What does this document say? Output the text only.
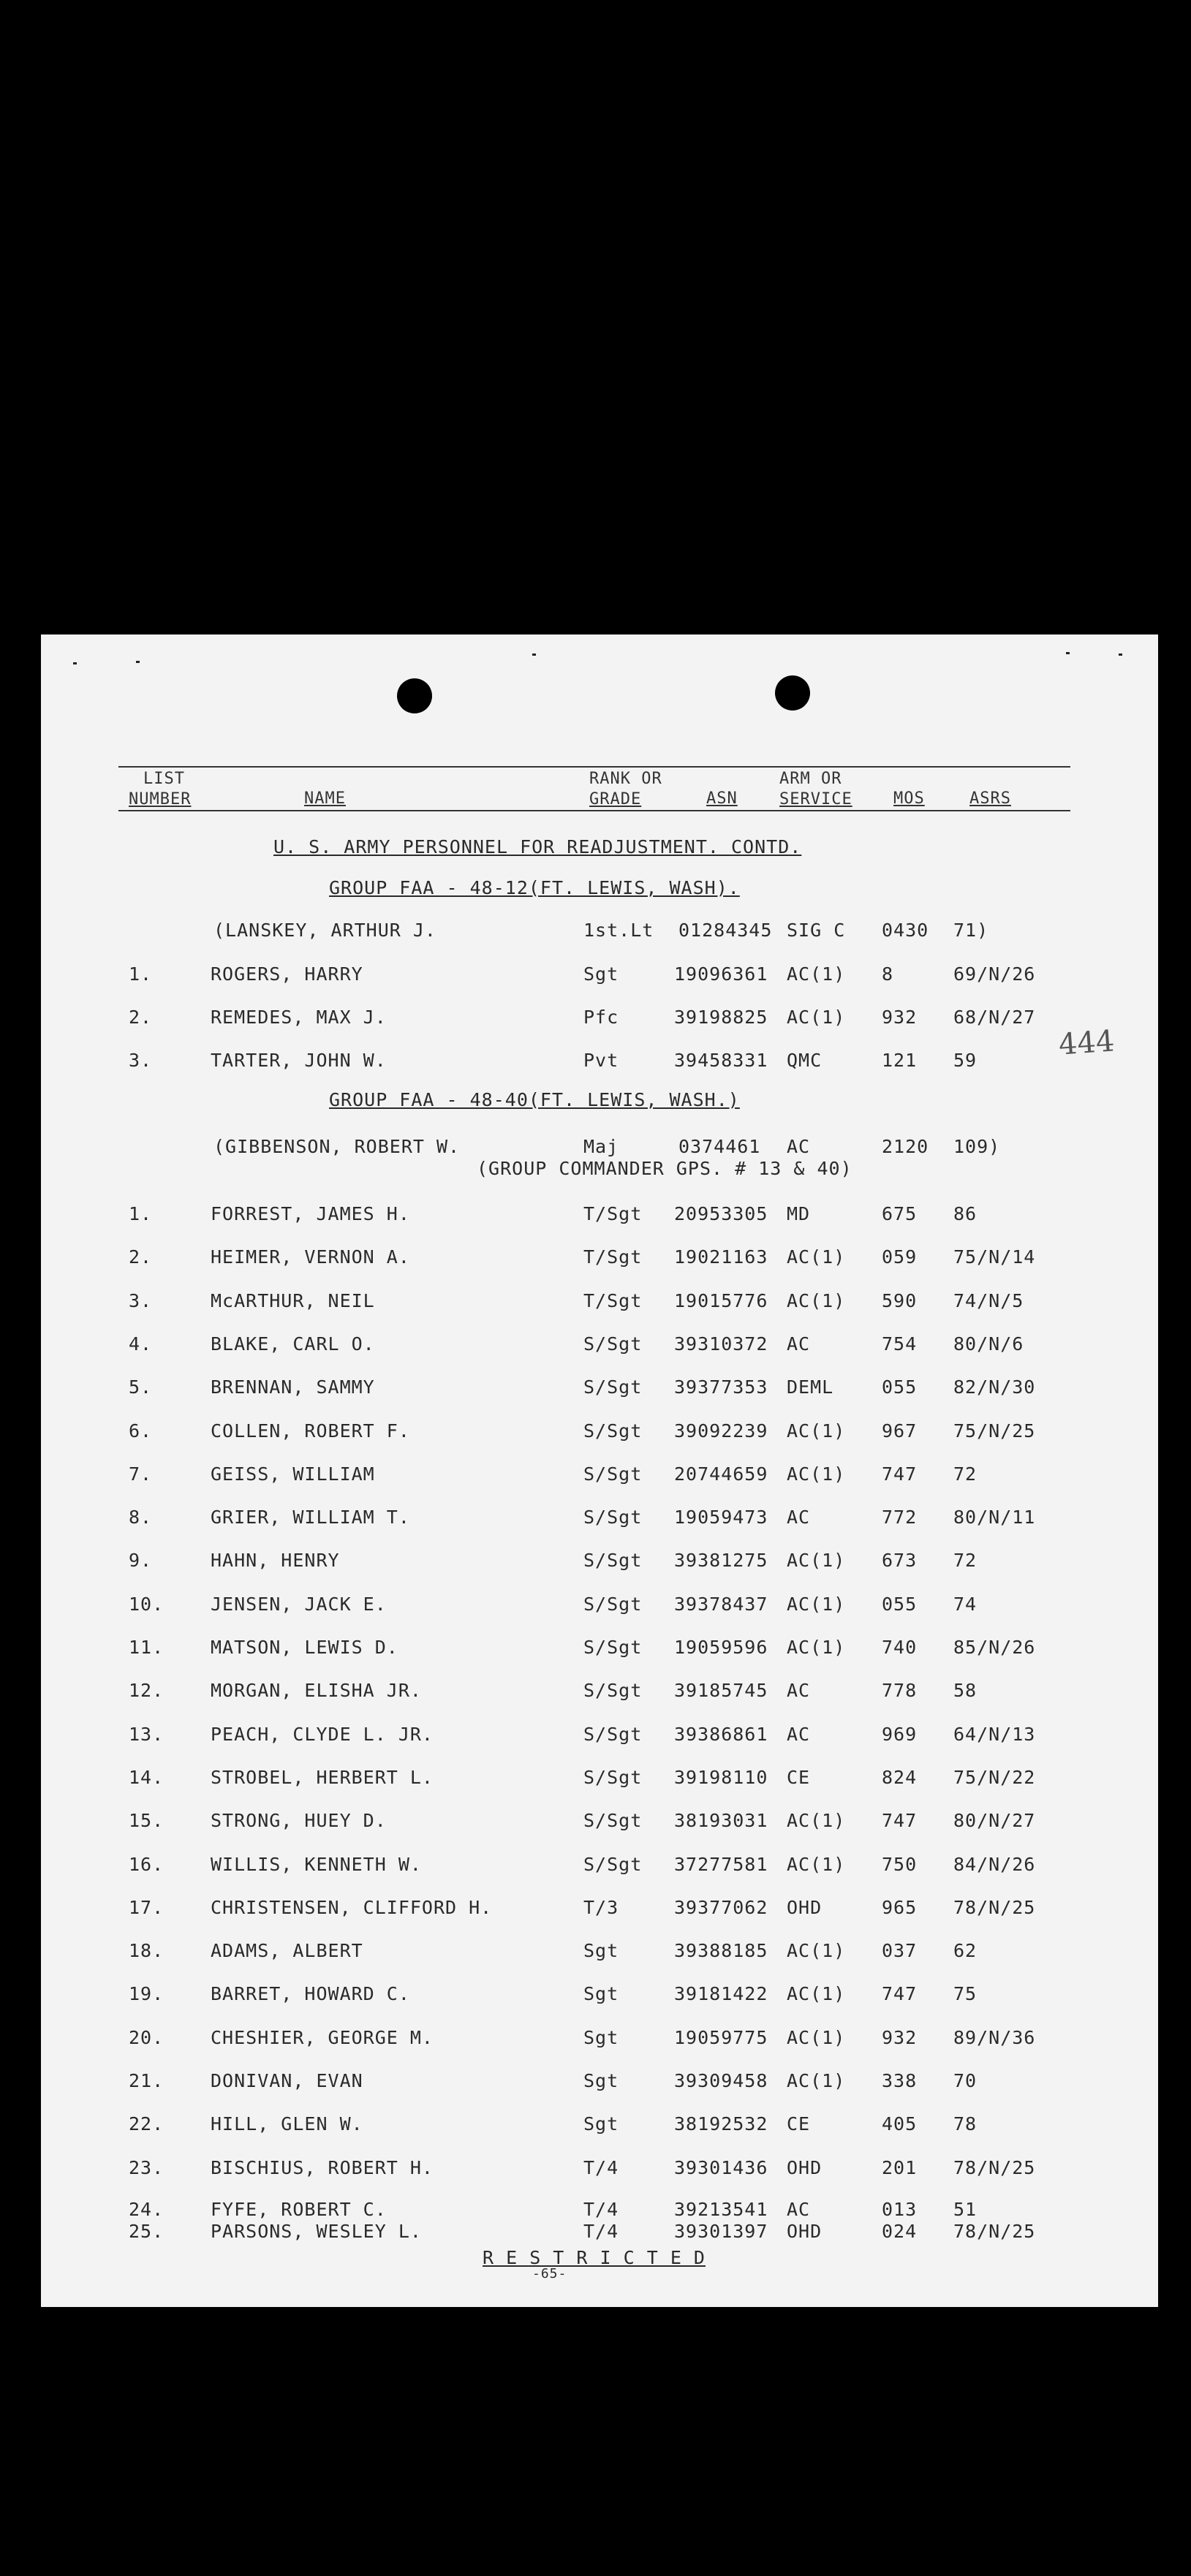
LIST
NUMBER	NAME
RANK OR
GRADE	ASN
ARM OR
SERVICE	MOS	ASRS
U. S. ARMY PERSONNEL FOR READJUSTMENT. CONTD.
GROUP FAA - 48-12(FT. LEWIS, WASH).
(LANSKEY, ARTHUR J.	1st.Lt 01284345 SIG C 0430 71)
1.	ROGERS, HARRY	Sgt	19096361 AC(1) 8	69/N/26
2.	REMEDES, MAX J.	Pfc	39198825 AC(1) 932 68/N/27
3.	TARTER, JOHN W.	Pvt	39458331 QMC	121 59	444
GROUP FAA - 48-40(FT. LEWIS, WASH.)
(GIBBENSON, ROBERT W.	Maj	0374461 AC	2120 109)
(GROUP COMMANDER GPS. # 13 & 40)
1.	FORREST, JAMES H.	T/Sgt 20953305 MD	675 86
2.	HEIMER, VERNON A.	T/Sgt 19021163 AC(1) 059 75/N/14
3.	McARTHUR, NEIL	T/Sgt 19015776 AC(1) 590 74/N/5
4.	BLAKE, CARL O.	S/Sgt 39310372 AC	754 80/N/6
5.	BRENNAN, SAMMY	S/Sgt 39377353 DEML	055 82/N/30
6.	COLLEN, ROBERT F.	S/Sgt 39092239 AC(1) 967 75/N/25
7.	GEISS, WILLIAM	S/Sgt 20744659 AC(1) 747 72
8.	GRIER, WILLIAM T.	S/Sgt 19059473 AC	772 80/N/11
9.	HAHN, HENRY	S/Sgt 39381275 AC(1) 673 72
10.	JENSEN, JACK E.	S/Sgt 39378437 AC(1) 055 74
11.	MATSON, LEWIS D.	S/Sgt 19059596 AC(1) 740 85/N/26
12.	MORGAN, ELISHA JR.	S/Sgt 39185745 AC	778 58
13.	PEACH, CLYDE L. JR.	S/Sgt 39386861 AC	969 64/N/13
14.	STROBEL, HERBERT L.	S/Sgt 39198110 CE	824 75/N/22
15.	STRONG, HUEY D.	S/Sgt 38193031 AC(1) 747 80/N/27
16.	WILLIS, KENNETH W.	S/Sgt 37277581 AC(1) 750 84/N/26
17.	CHRISTENSEN, CLIFFORD H.	T/3	39377062 OHD	965 78/N/25
18.	ADAMS, ALBERT	Sgt	39388185 AC(1) 037 62
19.	BARRET, HOWARD C.	Sgt	39181422 AC(1) 747 75
20.	CHESHIER, GEORGE M.	Sgt	19059775 AC(1) 932 89/N/36
21.	DONIVAN, EVAN	Sgt	39309458 AC(1) 338 70
22.	HILL, GLEN W.	Sgt	38192532 CE	405 78
23.	BISCHIUS, ROBERT H.	T/4	39301436 OHD	201 78/N/25
24.	FYFE, ROBERT C.	T/4	39213541 AC	013 51
25.	PARSONS, WESLEY L.	T/4	39301397 OHD	024 78/N/25
R E S T R I C T E D
-65-
